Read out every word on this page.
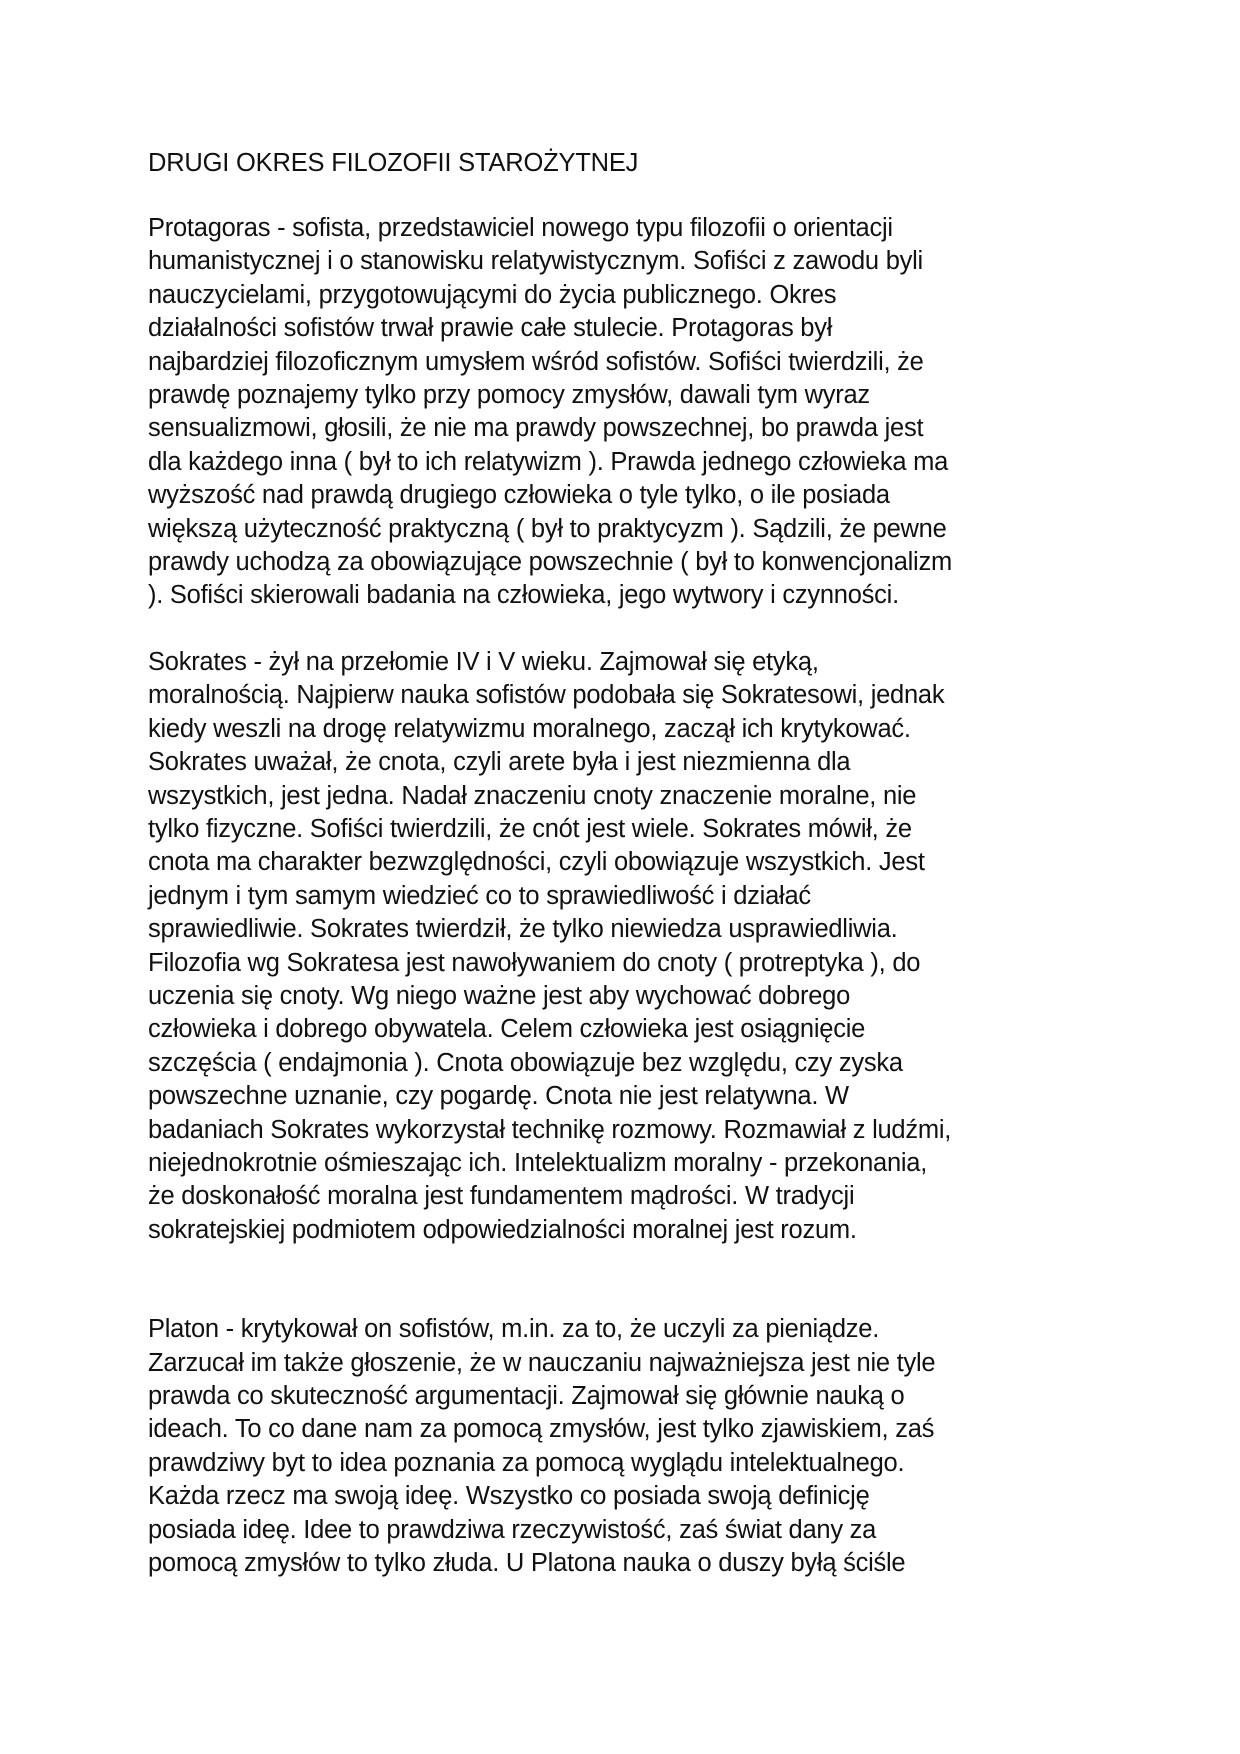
DRUGI OKRES FILOZOFII STAROŻYTNEJ

Protagoras - sofista, przedstawiciel nowego typu filozofii o orientacji
humanistycznej i o stanowisku relatywistycznym. Sofiści z zawodu byli
nauczycielami, przygotowującymi do życia publicznego. Okres
działalności sofistów trwał prawie całe stulecie. Protagoras był
najbardziej filozoficznym umysłem wśród sofistów. Sofiści twierdzili, że
prawdę poznajemy tylko przy pomocy zmysłów, dawali tym wyraz
sensualizmowi, głosili, że nie ma prawdy powszechnej, bo prawda jest
dla każdego inna ( był to ich relatywizm ). Prawda jednego człowieka ma
wyższość nad prawdą drugiego człowieka o tyle tylko, o ile posiada
większą użyteczność praktyczną ( był to praktycyzm ). Sądzili, że pewne
prawdy uchodzą za obowiązujące powszechnie ( był to konwencjonalizm
). Sofiści skierowali badania na człowieka, jego wytwory i czynności.

Sokrates - żył na przełomie IV i V wieku. Zajmował się etyką,
moralnością. Najpierw nauka sofistów podobała się Sokratesowi, jednak
kiedy weszli na drogę relatywizmu moralnego, zaczął ich krytykować.
Sokrates uważał, że cnota, czyli arete była i jest niezmienna dla
wszystkich, jest jedna. Nadał znaczeniu cnoty znaczenie moralne, nie
tylko fizyczne. Sofiści twierdzili, że cnót jest wiele. Sokrates mówił, że
cnota ma charakter bezwzględności, czyli obowiązuje wszystkich. Jest
jednym i tym samym wiedzieć co to sprawiedliwość i działać
sprawiedliwie. Sokrates twierdził, że tylko niewiedza usprawiedliwia.
Filozofia wg Sokratesa jest nawoływaniem do cnoty ( protreptyka ), do
uczenia się cnoty. Wg niego ważne jest aby wychować dobrego
człowieka i dobrego obywatela. Celem człowieka jest osiągnięcie
szczęścia ( endajmonia ). Cnota obowiązuje bez względu, czy zyska
powszechne uznanie, czy pogardę. Cnota nie jest relatywna. W
badaniach Sokrates wykorzystał technikę rozmowy. Rozmawiał z ludźmi,
niejednokrotnie ośmieszając ich. Intelektualizm moralny - przekonania,
że doskonałość moralna jest fundamentem mądrości. W tradycji
sokratejskiej podmiotem odpowiedzialności moralnej jest rozum.

Platon - krytykował on sofistów, m.in. za to, że uczyli za pieniądze.
Zarzucał im także głoszenie, że w nauczaniu najważniejsza jest nie tyle
prawda co skuteczność argumentacji. Zajmował się głównie nauką o
ideach. To co dane nam za pomocą zmysłów, jest tylko zjawiskiem, zaś
prawdziwy byt to idea poznania za pomocą wyglądu intelektualnego.
Każda rzecz ma swoją ideę. Wszystko co posiada swoją definicję
posiada ideę. Idee to prawdziwa rzeczywistość, zaś świat dany za
pomocą zmysłów to tylko złuda. U Platona nauka o duszy byłą ściśle
